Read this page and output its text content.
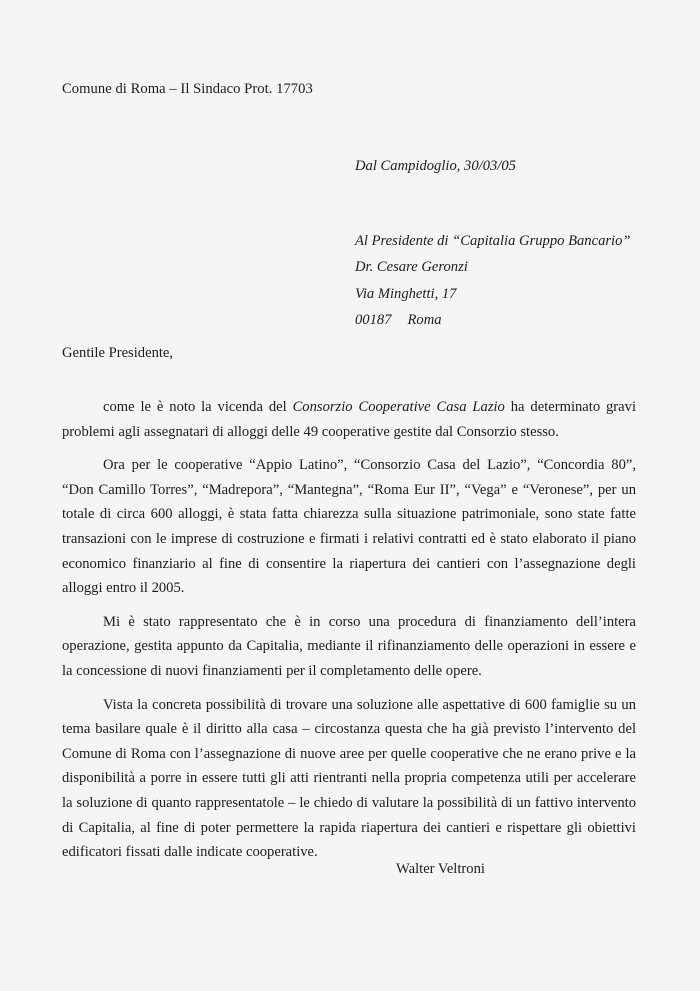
Comune di Roma – Il Sindaco Prot. 17703
Dal Campidoglio, 30/03/05
Al Presidente di “Capitalia Gruppo Bancario”
Dr. Cesare Geronzi
Via Minghetti, 17
00187 Roma
Gentile Presidente,

come le è noto la vicenda del Consorzio Cooperative Casa Lazio ha determinato gravi problemi agli assegnatari di alloggi delle 49 cooperative gestite dal Consorzio stesso.

Ora per le cooperative “Appio Latino”, “Consorzio Casa del Lazio”, “Concordia 80”, “Don Camillo Torres”, “Madrepora”, “Mantegna”, “Roma Eur II”, “Vega” e “Veronese”, per un totale di circa 600 alloggi, è stata fatta chiarezza sulla situazione patrimoniale, sono state fatte transazioni con le imprese di costruzione e firmati i relativi contratti ed è stato elaborato il piano economico finanziario al fine di consentire la riapertura dei cantieri con l’assegnazione degli alloggi entro il 2005.

Mi è stato rappresentato che è in corso una procedura di finanziamento dell’intera operazione, gestita appunto da Capitalia, mediante il rifinanziamento delle operazioni in essere e la concessione di nuovi finanziamenti per il completamento delle opere.

Vista la concreta possibilità di trovare una soluzione alle aspettative di 600 famiglie su un tema basilare quale è il diritto alla casa – circostanza questa che ha già previsto l’intervento del Comune di Roma con l’assegnazione di nuove aree per quelle cooperative che ne erano prive e la disponibilità a porre in essere tutti gli atti rientranti nella propria competenza utili per accelerare la soluzione di quanto rappresentatole – le chiedo di valutare la possibilità di un fattivo intervento di Capitalia, al fine di poter permettere la rapida riapertura dei cantieri e rispettare gli obiettivi edificatori fissati dalle indicate cooperative.

Walter Veltroni
